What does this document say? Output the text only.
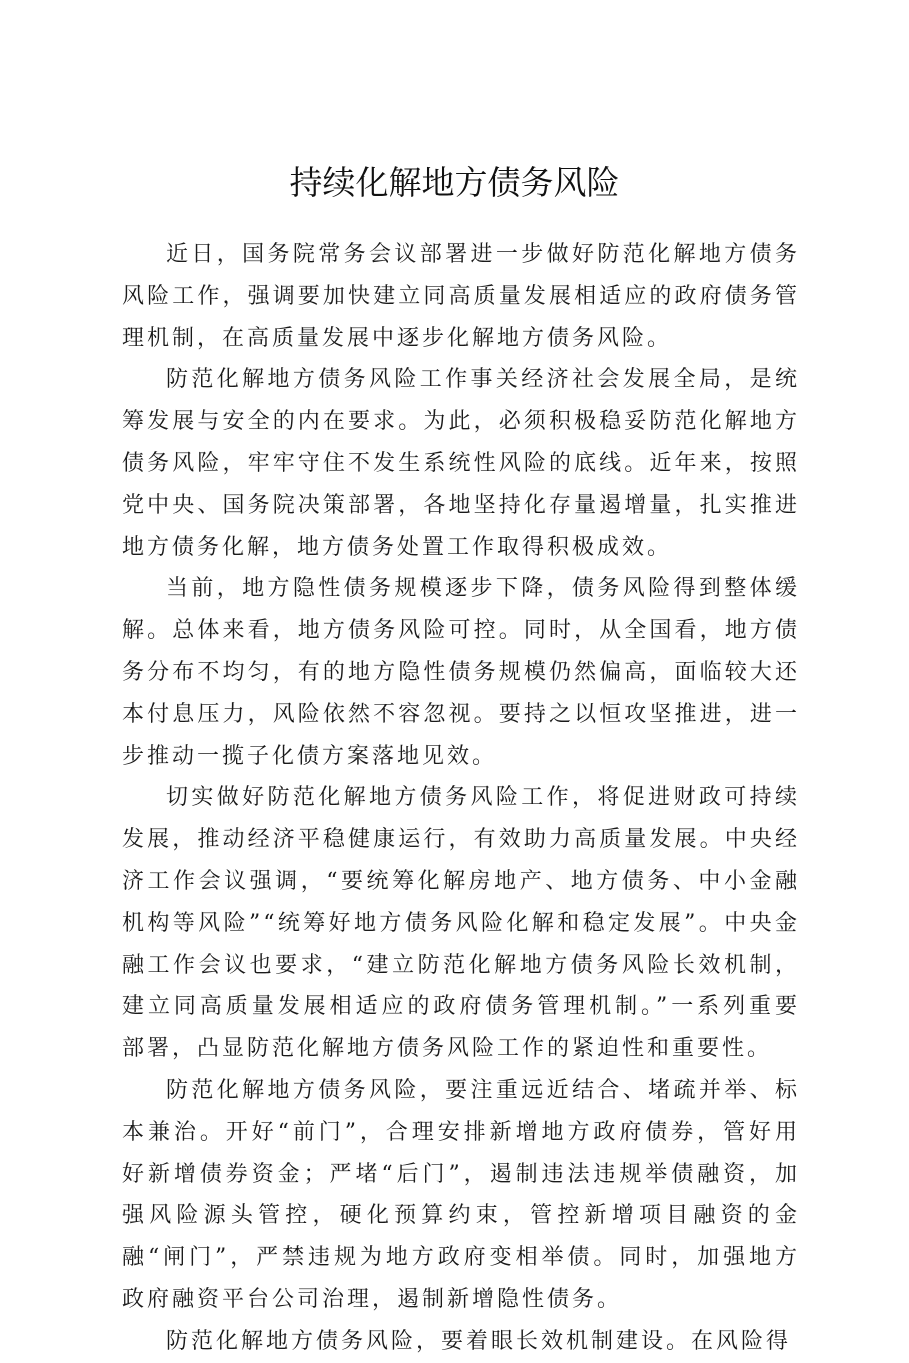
持续化解地方债务风险

近日，国务院常务会议部署进一步做好防范化解地方债务风险工作，强调要加快建立同高质量发展相适应的政府债务管理机制，在高质量发展中逐步化解地方债务风险。

防范化解地方债务风险工作事关经济社会发展全局，是统筹发展与安全的内在要求。为此，必须积极稳妥防范化解地方债务风险，牢牢守住不发生系统性风险的底线。近年来，按照党中央、国务院决策部署，各地坚持化存量遏增量，扎实推进地方债务化解，地方债务处置工作取得积极成效。

当前，地方隐性债务规模逐步下降，债务风险得到整体缓解。总体来看，地方债务风险可控。同时，从全国看，地方债务分布不均匀，有的地方隐性债务规模仍然偏高，面临较大还本付息压力，风险依然不容忽视。要持之以恒攻坚推进，进一步推动一揽子化债方案落地见效。

切实做好防范化解地方债务风险工作，将促进财政可持续发展，推动经济平稳健康运行，有效助力高质量发展。中央经济工作会议强调，“要统筹化解房地产、地方债务、中小金融机构等风险”“统筹好地方债务风险化解和稳定发展”。中央金融工作会议也要求，“建立防范化解地方债务风险长效机制，建立同高质量发展相适应的政府债务管理机制。”一系列重要部署，凸显防范化解地方债务风险工作的紧迫性和重要性。

防范化解地方债务风险，要注重远近结合、堵疏并举、标本兼治。开好“前门”，合理安排新增地方政府债券，管好用好新增债券资金；严堵“后门”，遏制违法违规举债融资，加强风险源头管控，硬化预算约束，管控新增项目融资的金融“闸门”，严禁违规为地方政府变相举债。同时，加强地方政府融资平台公司治理，遏制新增隐性债务。

防范化解地方债务风险，要着眼长效机制建设。在风险得
